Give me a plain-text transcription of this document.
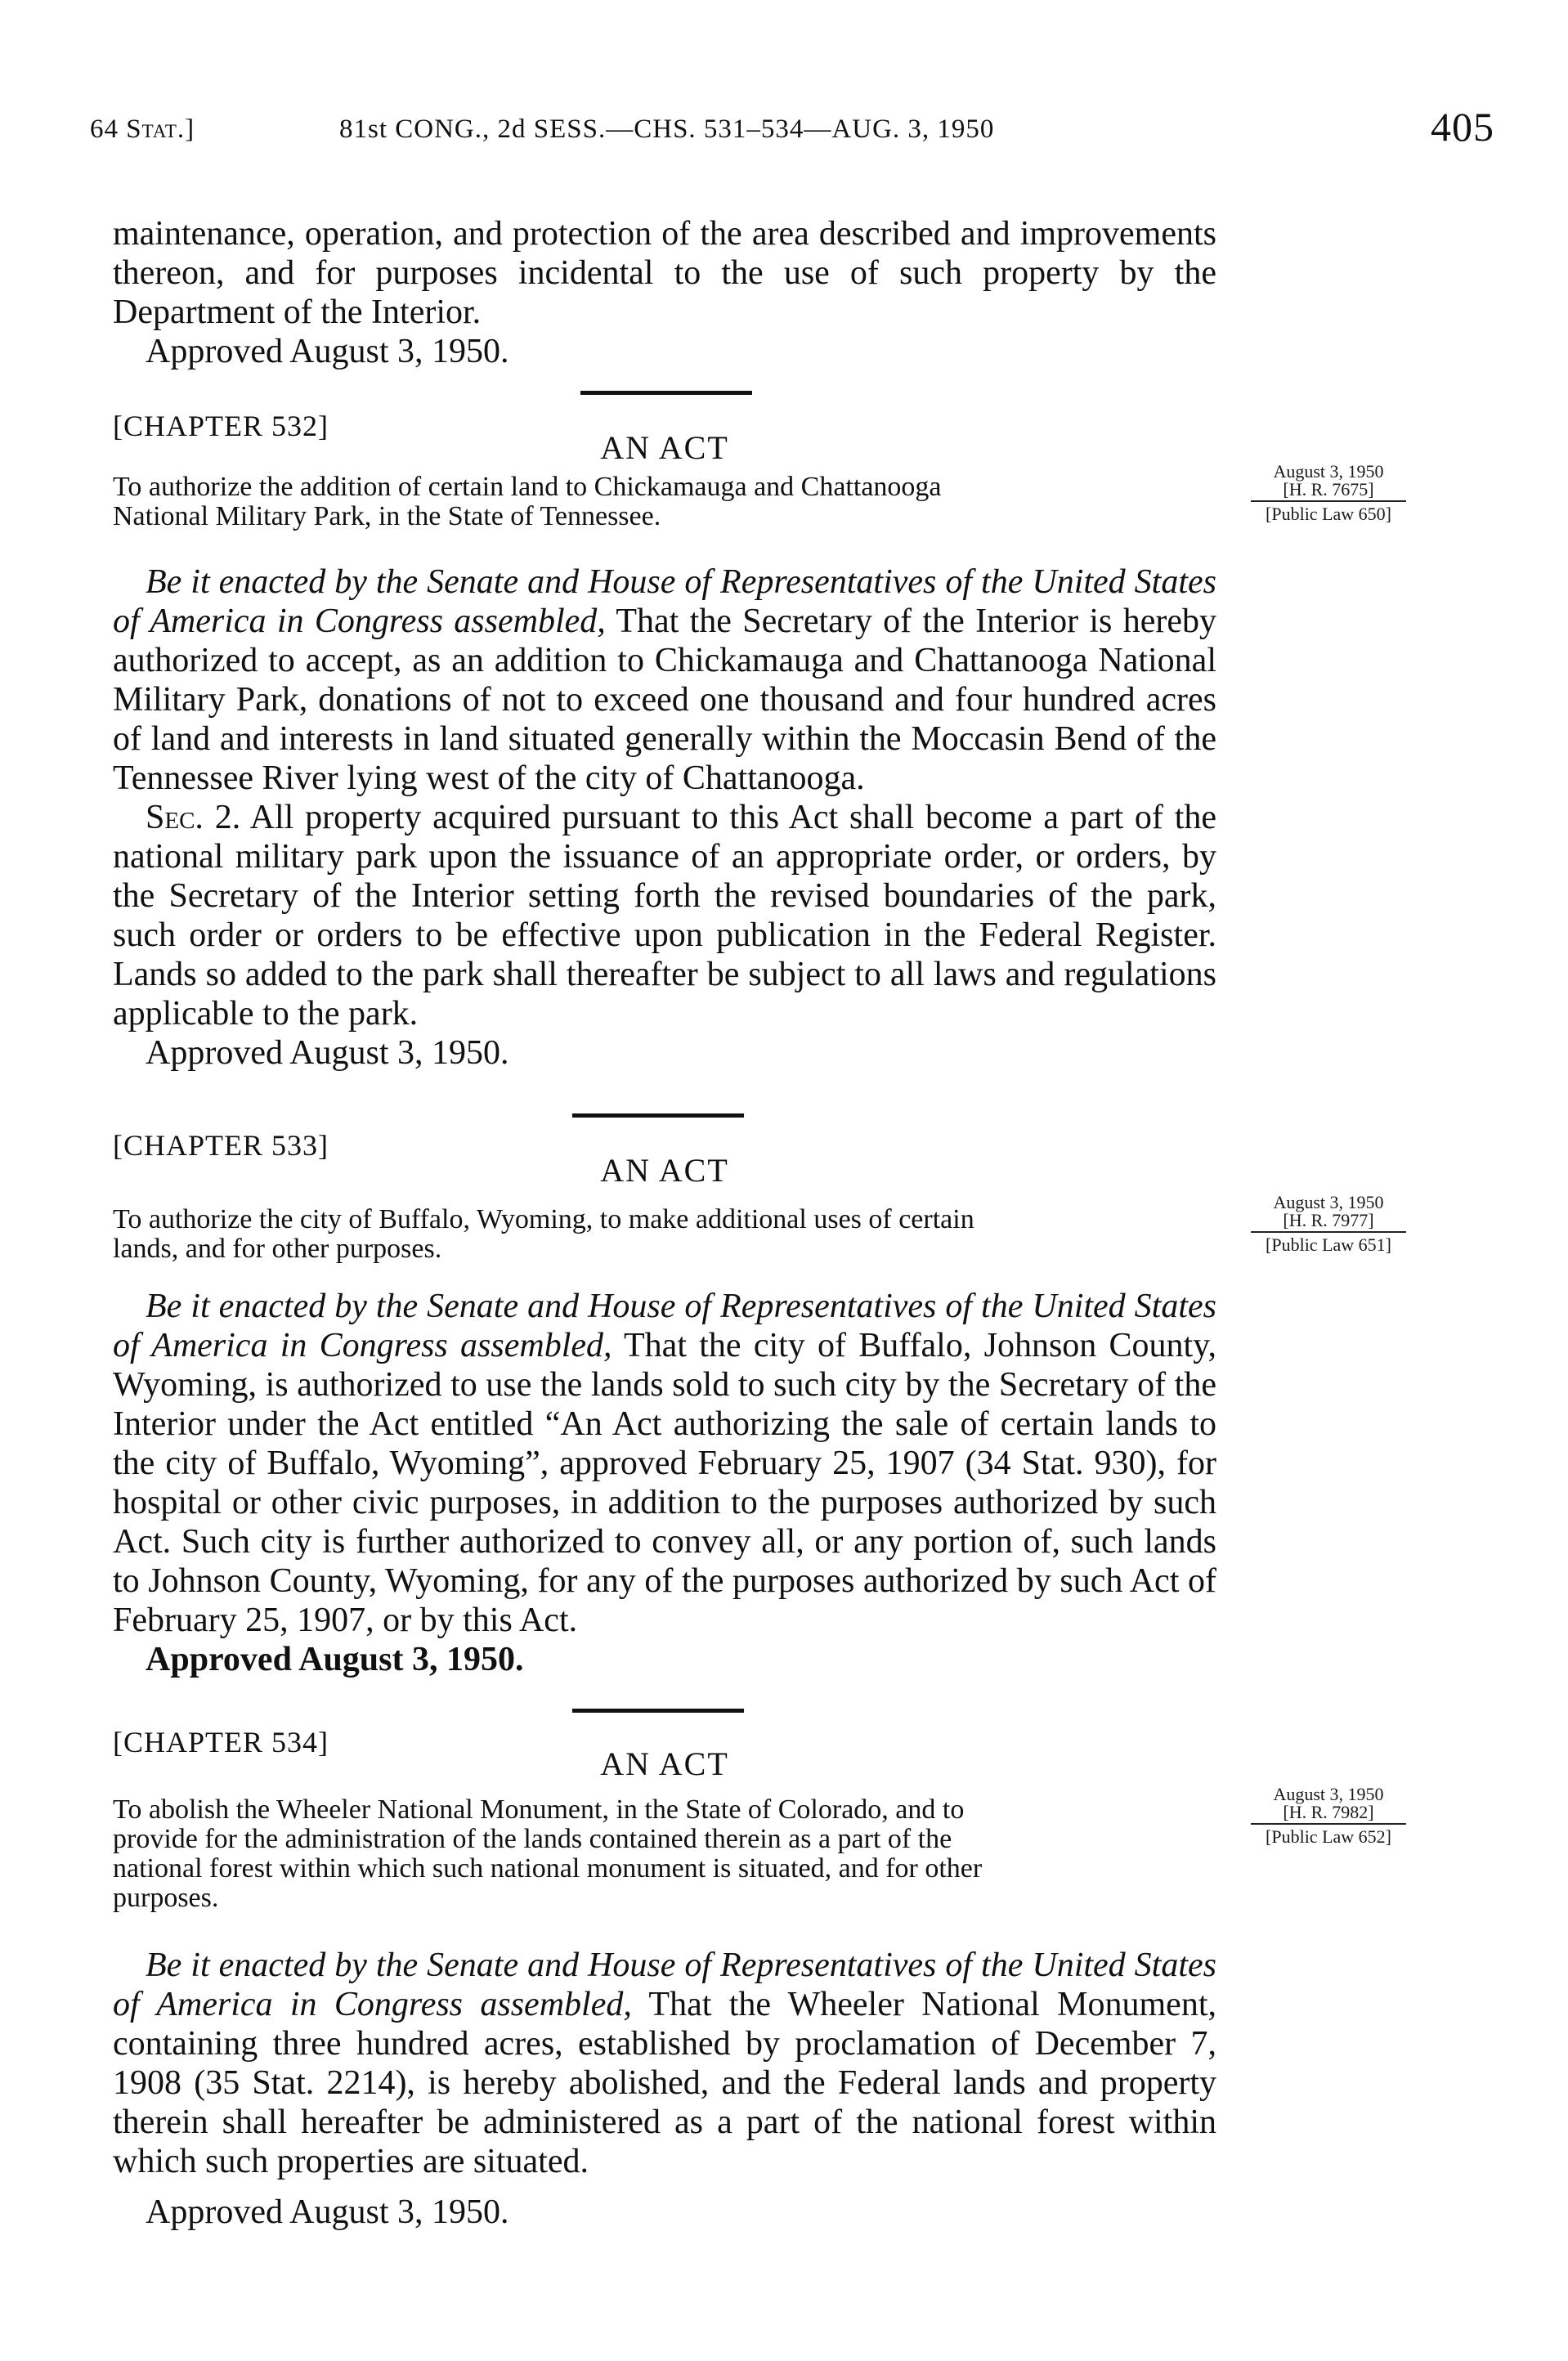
64 Stat.]	81st CONG., 2d SESS.—CHS. 531–534—AUG. 3, 1950	405

maintenance, operation, and protection of the area described and improvements thereon, and for purposes incidental to the use of such property by the Department of the Interior.

Approved August 3, 1950.

[CHAPTER 532]
AN ACT
To authorize the addition of certain land to Chickamauga and Chattanooga
National Military Park, in the State of Tennessee.
August 3, 1950
[H. R. 7675]
[Public Law 650]

Be it enacted by the Senate and House of Representatives of the United States of America in Congress assembled, That the Secretary of the Interior is hereby authorized to accept, as an addition to Chickamauga and Chattanooga National Military Park, donations of not to exceed one thousand and four hundred acres of land and interests in land situated generally within the Moccasin Bend of the Tennessee River lying west of the city of Chattanooga.

Sec. 2. All property acquired pursuant to this Act shall become a part of the national military park upon the issuance of an appropriate order, or orders, by the Secretary of the Interior setting forth the revised boundaries of the park, such order or orders to be effective upon publication in the Federal Register. Lands so added to the park shall thereafter be subject to all laws and regulations applicable to the park.

Approved August 3, 1950.

[CHAPTER 533]
AN ACT
To authorize the city of Buffalo, Wyoming, to make additional uses of certain
lands, and for other purposes.
August 3, 1950
[H. R. 7977]
[Public Law 651]

Be it enacted by the Senate and House of Representatives of the United States of America in Congress assembled, That the city of Buffalo, Johnson County, Wyoming, is authorized to use the lands sold to such city by the Secretary of the Interior under the Act entitled “An Act authorizing the sale of certain lands to the city of Buffalo, Wyoming”, approved February 25, 1907 (34 Stat. 930), for hospital or other civic purposes, in addition to the purposes authorized by such Act. Such city is further authorized to convey all, or any portion of, such lands to Johnson County, Wyoming, for any of the purposes authorized by such Act of February 25, 1907, or by this Act.

Approved August 3, 1950.

[CHAPTER 534]
AN ACT
To abolish the Wheeler National Monument, in the State of Colorado, and to
provide for the administration of the lands contained therein as a part of the
national forest within which such national monument is situated, and for other
purposes.
August 3, 1950
[H. R. 7982]
[Public Law 652]

Be it enacted by the Senate and House of Representatives of the United States of America in Congress assembled, That the Wheeler National Monument, containing three hundred acres, established by proclamation of December 7, 1908 (35 Stat. 2214), is hereby abolished, and the Federal lands and property therein shall hereafter be administered as a part of the national forest within which such properties are situated.

Approved August 3, 1950.
